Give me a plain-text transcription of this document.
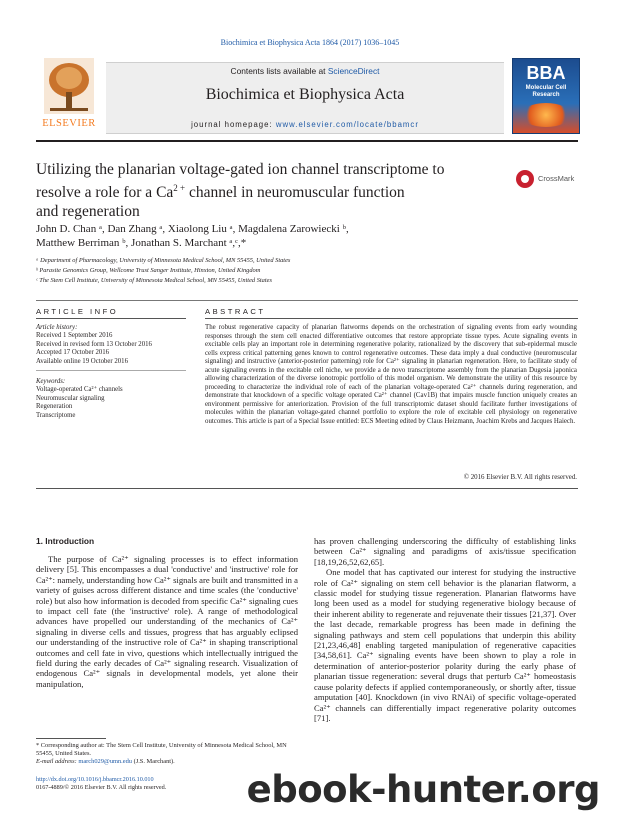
Biochimica et Biophysica Acta 1864 (2017) 1036–1045
ELSEVIER
Contents lists available at ScienceDirect
Biochimica et Biophysica Acta
journal homepage: www.elsevier.com/locate/bbamcr
BBA
Molecular Cell Research
Utilizing the planarian voltage-gated ion channel transcriptome to
resolve a role for a $Ca^{2 +}$ channel in neuromuscular function
and regeneration
CrossMark
John D. Chan ᵃ, Dan Zhang ᵃ, Xiaolong Liu ᵃ, Magdalena Zarowiecki ᵇ,
Matthew Berriman ᵇ, Jonathan S. Marchant ᵃ,ᶜ,*
ᵃ Department of Pharmacology, University of Minnesota Medical School, MN 55455, United States
ᵇ Parasite Genomics Group, Wellcome Trust Sanger Institute, Hinxton, United Kingdom
ᶜ The Stem Cell Institute, University of Minnesota Medical School, MN 55455, United States
ARTICLE INFO
Article history:
Received 1 September 2016
Received in revised form 13 October 2016
Accepted 17 October 2016
Available online 19 October 2016
Keywords:
Voltage-operated Ca²⁺ channels
Neuromuscular signaling
Regeneration
Transcriptome
ABSTRACT
The robust regenerative capacity of planarian flatworms depends on the orchestration of signaling events from early wounding responses through the stem cell enacted differentiative outcomes that restore appropriate tissue types. Acute signaling events in excitable cells play an important role in determining regenerative polarity, rationalized by the discovery that sub-epidermal muscle cells express critical patterning genes known to control regenerative outcomes. These data imply a dual conductive (neuromuscular signaling) and instructive (anterior-posterior patterning) role for Ca²⁺ signaling in planarian regeneration. Here, to facilitate study of acute signaling events in the excitable cell niche, we provide a de novo transcriptome assembly from the planarian Dugesia japonica allowing characterization of the diverse ionotropic portfolio of this model organism. We demonstrate the utility of this resource by proceeding to characterize the individual role of each of the planarian voltage-operated Ca²⁺ channels during regeneration, and demonstrate that knockdown of a specific voltage operated Ca²⁺ channel (Cav1B) that impairs muscle function uniquely creates an environment permissive for anteriorization. Provision of the full transcriptomic dataset should facilitate further investigations of molecules within the planarian voltage-gated channel portfolio to explore the role of excitable cell physiology on regenerative outcomes. This article is part of a Special Issue entitled: ECS Meeting edited by Claus Heizmann, Joachim Krebs and Jacques Haiech.
© 2016 Elsevier B.V. All rights reserved.
1. Introduction

The purpose of Ca²⁺ signaling processes is to effect information delivery [5]. This encompasses a dual 'conductive' and 'instructive' role for Ca²⁺: namely, understanding how Ca²⁺ signals are built and transmitted in a variety of guises across different distance and time scales (the 'conductive' role) but also how information is decoded from specific Ca²⁺ signaling cues to impact cell fate (the 'instructive' role). A range of methodological advances have propelled our understanding of the mechanics of Ca²⁺ signaling in diverse cells and tissues, progress that has arguably eclipsed our understanding of the instructive role of Ca²⁺ in shaping transcriptional outcomes and cell fate in vivo, questions which intellectually intrigued the field during the early decades of Ca²⁺ signaling research. Visualization of endogenous Ca²⁺ signals in developmental models, yet alone their manipulation,

has proven challenging underscoring the difficulty of establishing links between Ca²⁺ signaling and paradigms of axis/tissue specification [18,19,26,52,62,65].

One model that has captivated our interest for studying the instructive role of Ca²⁺ signaling on stem cell behavior is the planarian flatworm, a classic model for studying tissue regeneration. Planarian flatworms have long been used as a model for studying regenerative biology because of their inherent ability to regenerate and rejuvenate their tissues [21,37]. Over the last decade, remarkable progress has been made in defining the signaling pathways and stem cell populations that underpin this ability [21,23,46,48] enabling targeted manipulation of regenerative capacities [34,58,61]. Ca²⁺ signaling events have been shown to play a role in determination of anterior-posterior polarity during the early phase of planarian tissue regeneration: several drugs that perturb Ca²⁺ homeostasis cause polarity defects if applied contemporaneously, or shortly after, tissue amputation [40]. Knockdown (in vivo RNAi) of specific voltage-operated Ca²⁺ channels can differentially impact regenerative polarity outcomes [71].

* Corresponding author at: The Stem Cell Institute, University of Minnesota Medical School, MN 55455, United States.
E-mail address: march029@umn.edu (J.S. Marchant).
http://dx.doi.org/10.1016/j.bbamcr.2016.10.010
0167-4889/© 2016 Elsevier B.V. All rights reserved.	ebook-hunter.org
